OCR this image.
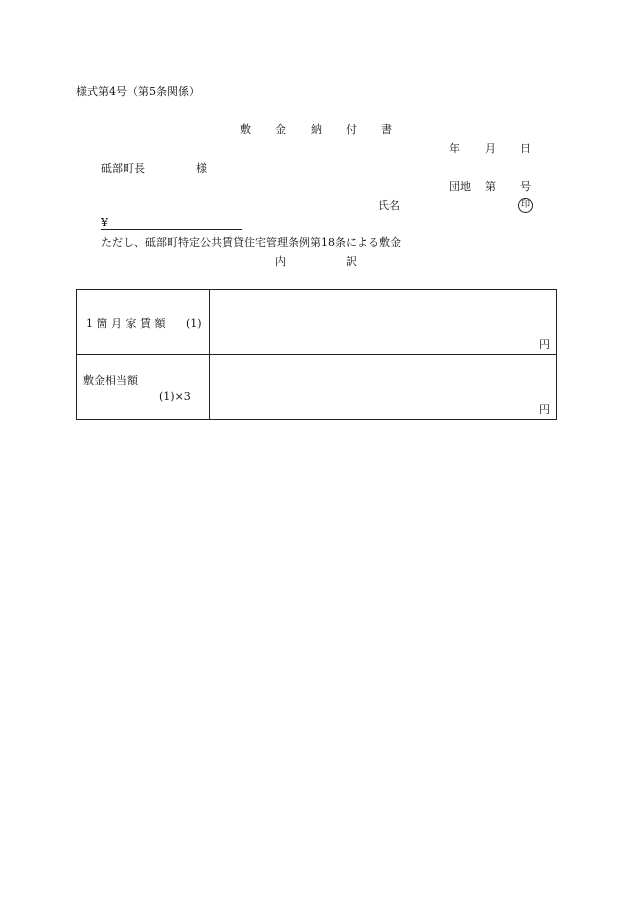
様式第4号（第5条関係）
敷 金 納 付 書
年 月 日
砥部町長	様
団地 第 号
氏名	印
¥
ただし、砥部町特定公共賃貸住宅管理条例第18条による敷金
内	訳
1 箇 月 家 賃 額 (1)	円

敷金相当額
(1)×3	円
